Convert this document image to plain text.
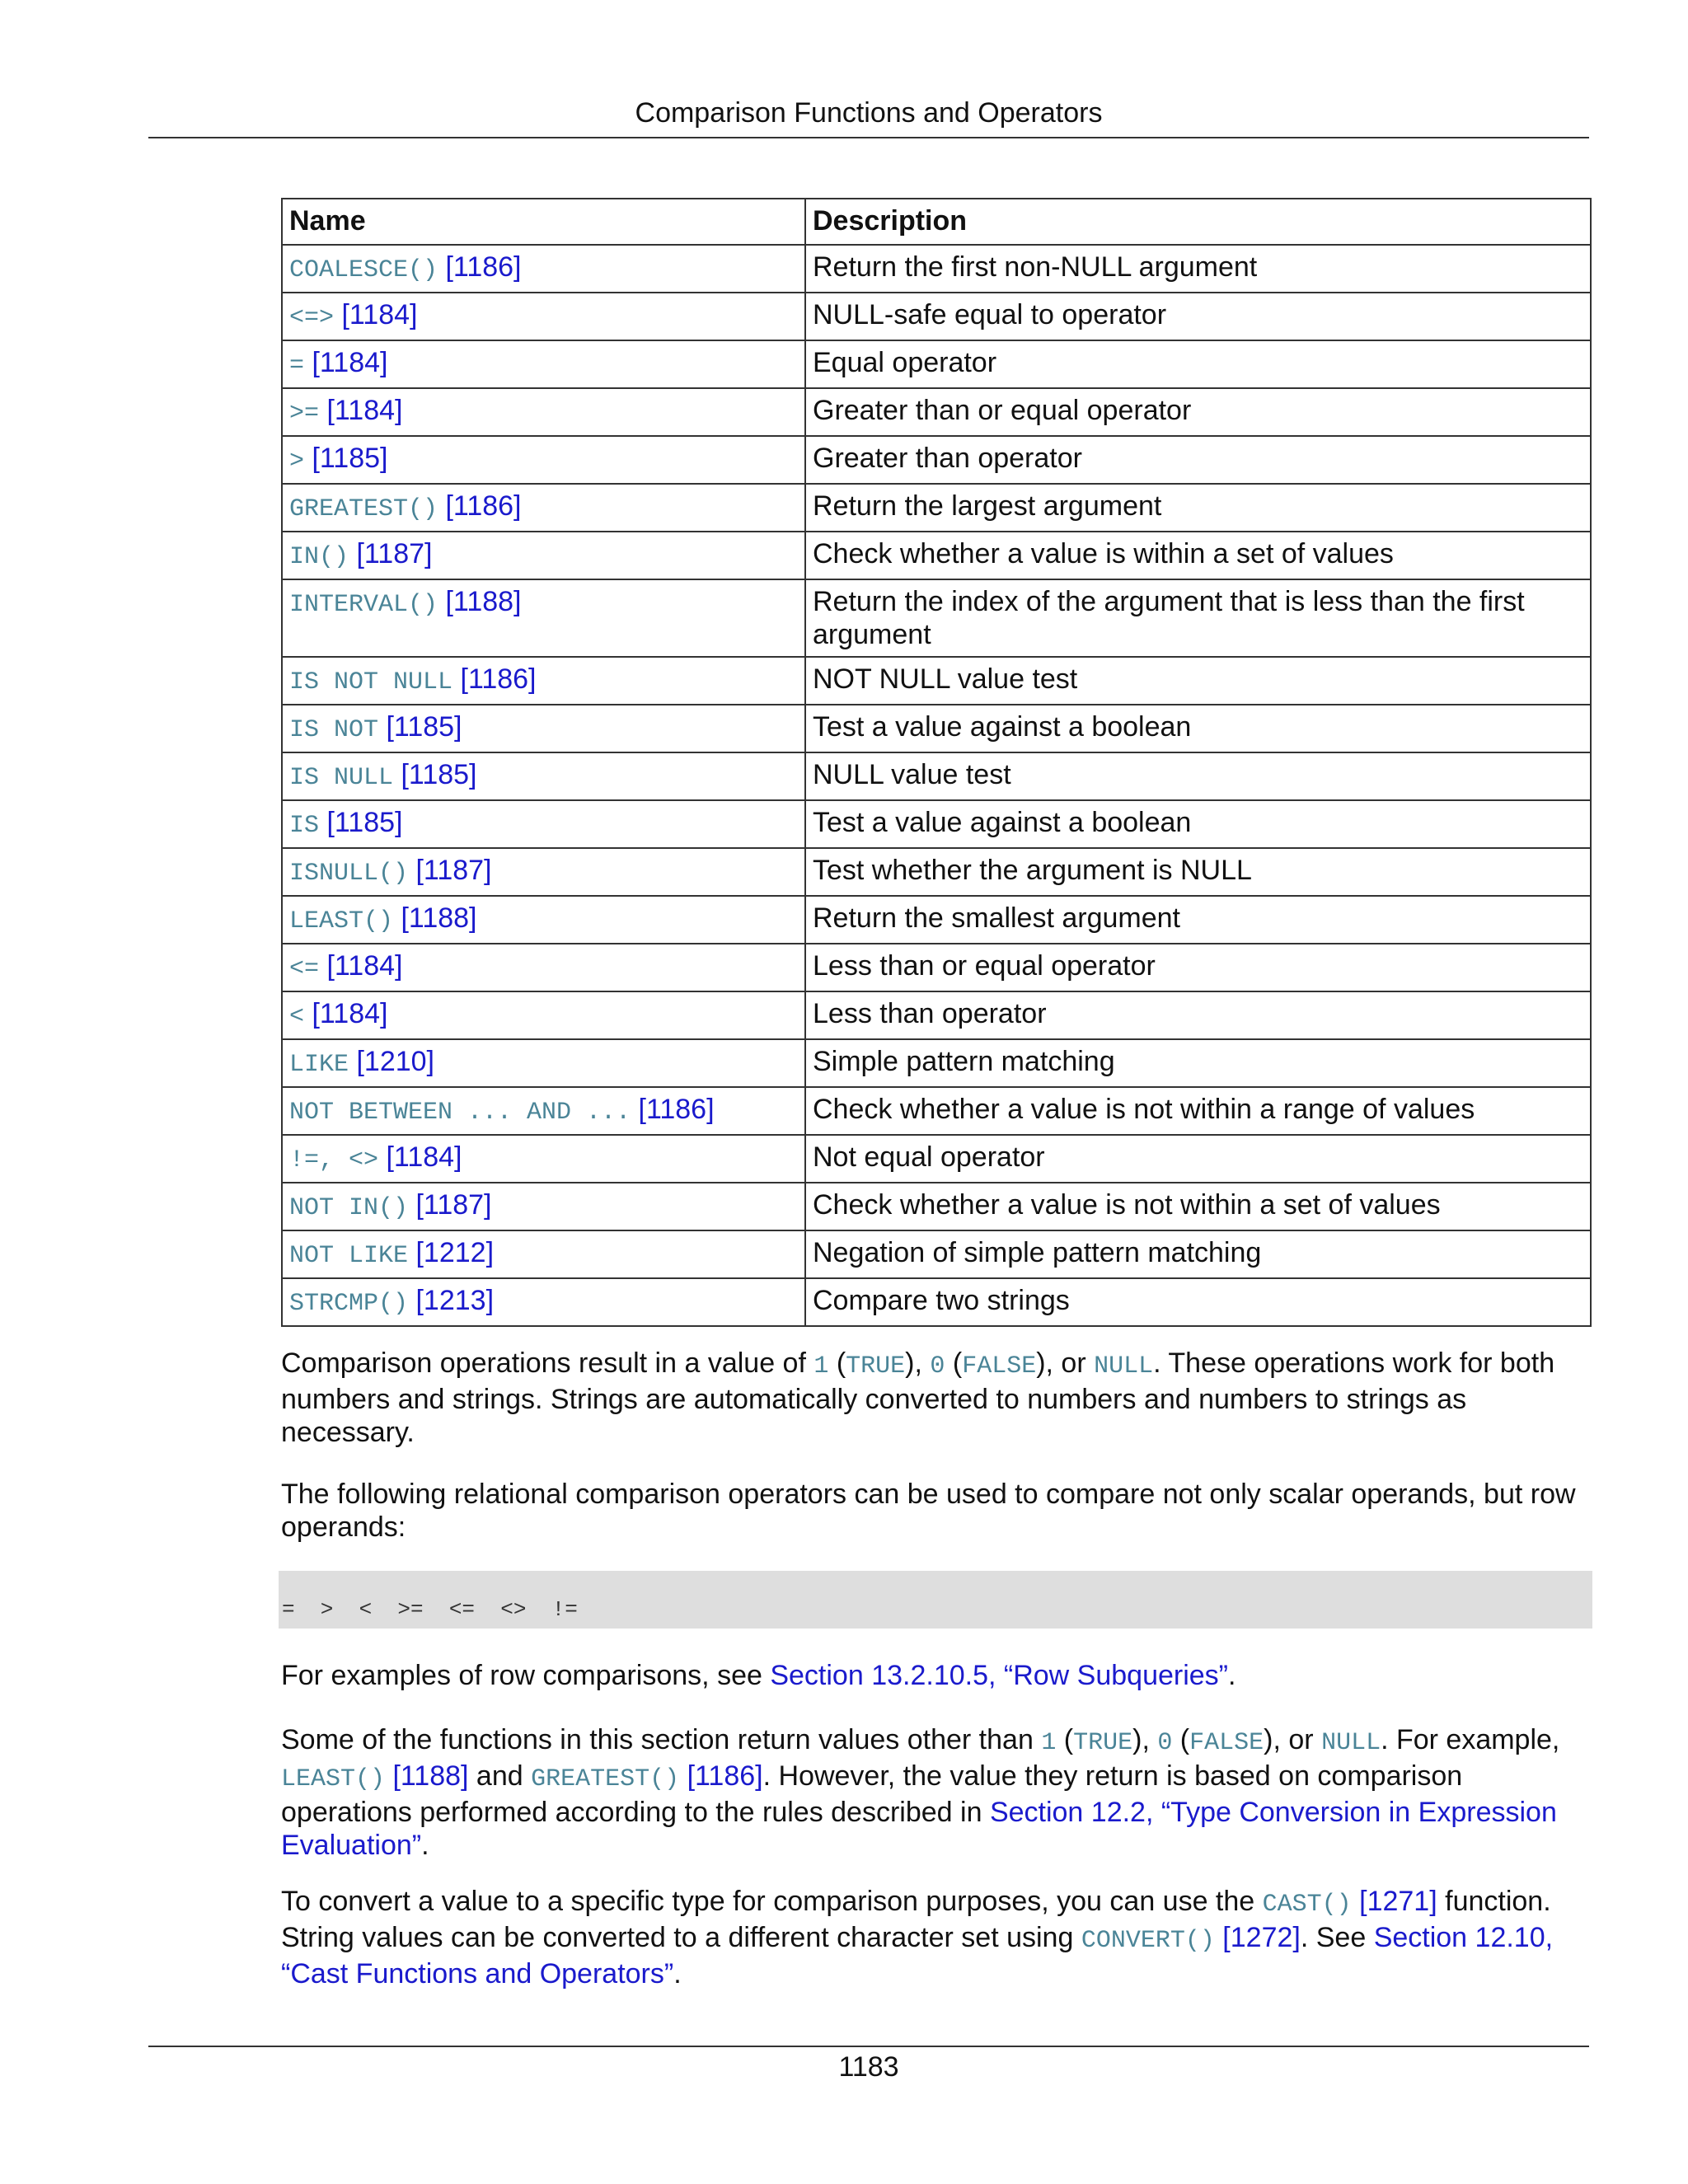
Comparison Functions and Operators
Name	Description
COALESCE() [1186]	Return the first non-NULL argument
<=> [1184]	NULL-safe equal to operator
= [1184]	Equal operator
>= [1184]	Greater than or equal operator
> [1185]	Greater than operator
GREATEST() [1186]	Return the largest argument
IN() [1187]	Check whether a value is within a set of values
INTERVAL() [1188]	Return the index of the argument that is less than the first argument
IS NOT NULL [1186]	NOT NULL value test
IS NOT [1185]	Test a value against a boolean
IS NULL [1185]	NULL value test
IS [1185]	Test a value against a boolean
ISNULL() [1187]	Test whether the argument is NULL
LEAST() [1188]	Return the smallest argument
<= [1184]	Less than or equal operator
< [1184]	Less than operator
LIKE [1210]	Simple pattern matching
NOT BETWEEN ... AND ... [1186]	Check whether a value is not within a range of values
!=, <> [1184]	Not equal operator
NOT IN() [1187]	Check whether a value is not within a set of values
NOT LIKE [1212]	Negation of simple pattern matching
STRCMP() [1213]	Compare two strings

Comparison operations result in a value of 1 (TRUE), 0 (FALSE), or NULL. These operations work for both numbers and strings. Strings are automatically converted to numbers and numbers to strings as necessary.

The following relational comparison operators can be used to compare not only scalar operands, but row operands:

=  >  <  >=  <=  <>  !=

For examples of row comparisons, see Section 13.2.10.5, “Row Subqueries”.

Some of the functions in this section return values other than 1 (TRUE), 0 (FALSE), or NULL. For example, LEAST() [1188] and GREATEST() [1186]. However, the value they return is based on comparison operations performed according to the rules described in Section 12.2, “Type Conversion in Expression Evaluation”.

To convert a value to a specific type for comparison purposes, you can use the CAST() [1271] function. String values can be converted to a different character set using CONVERT() [1272]. See Section 12.10, “Cast Functions and Operators”.

1183
